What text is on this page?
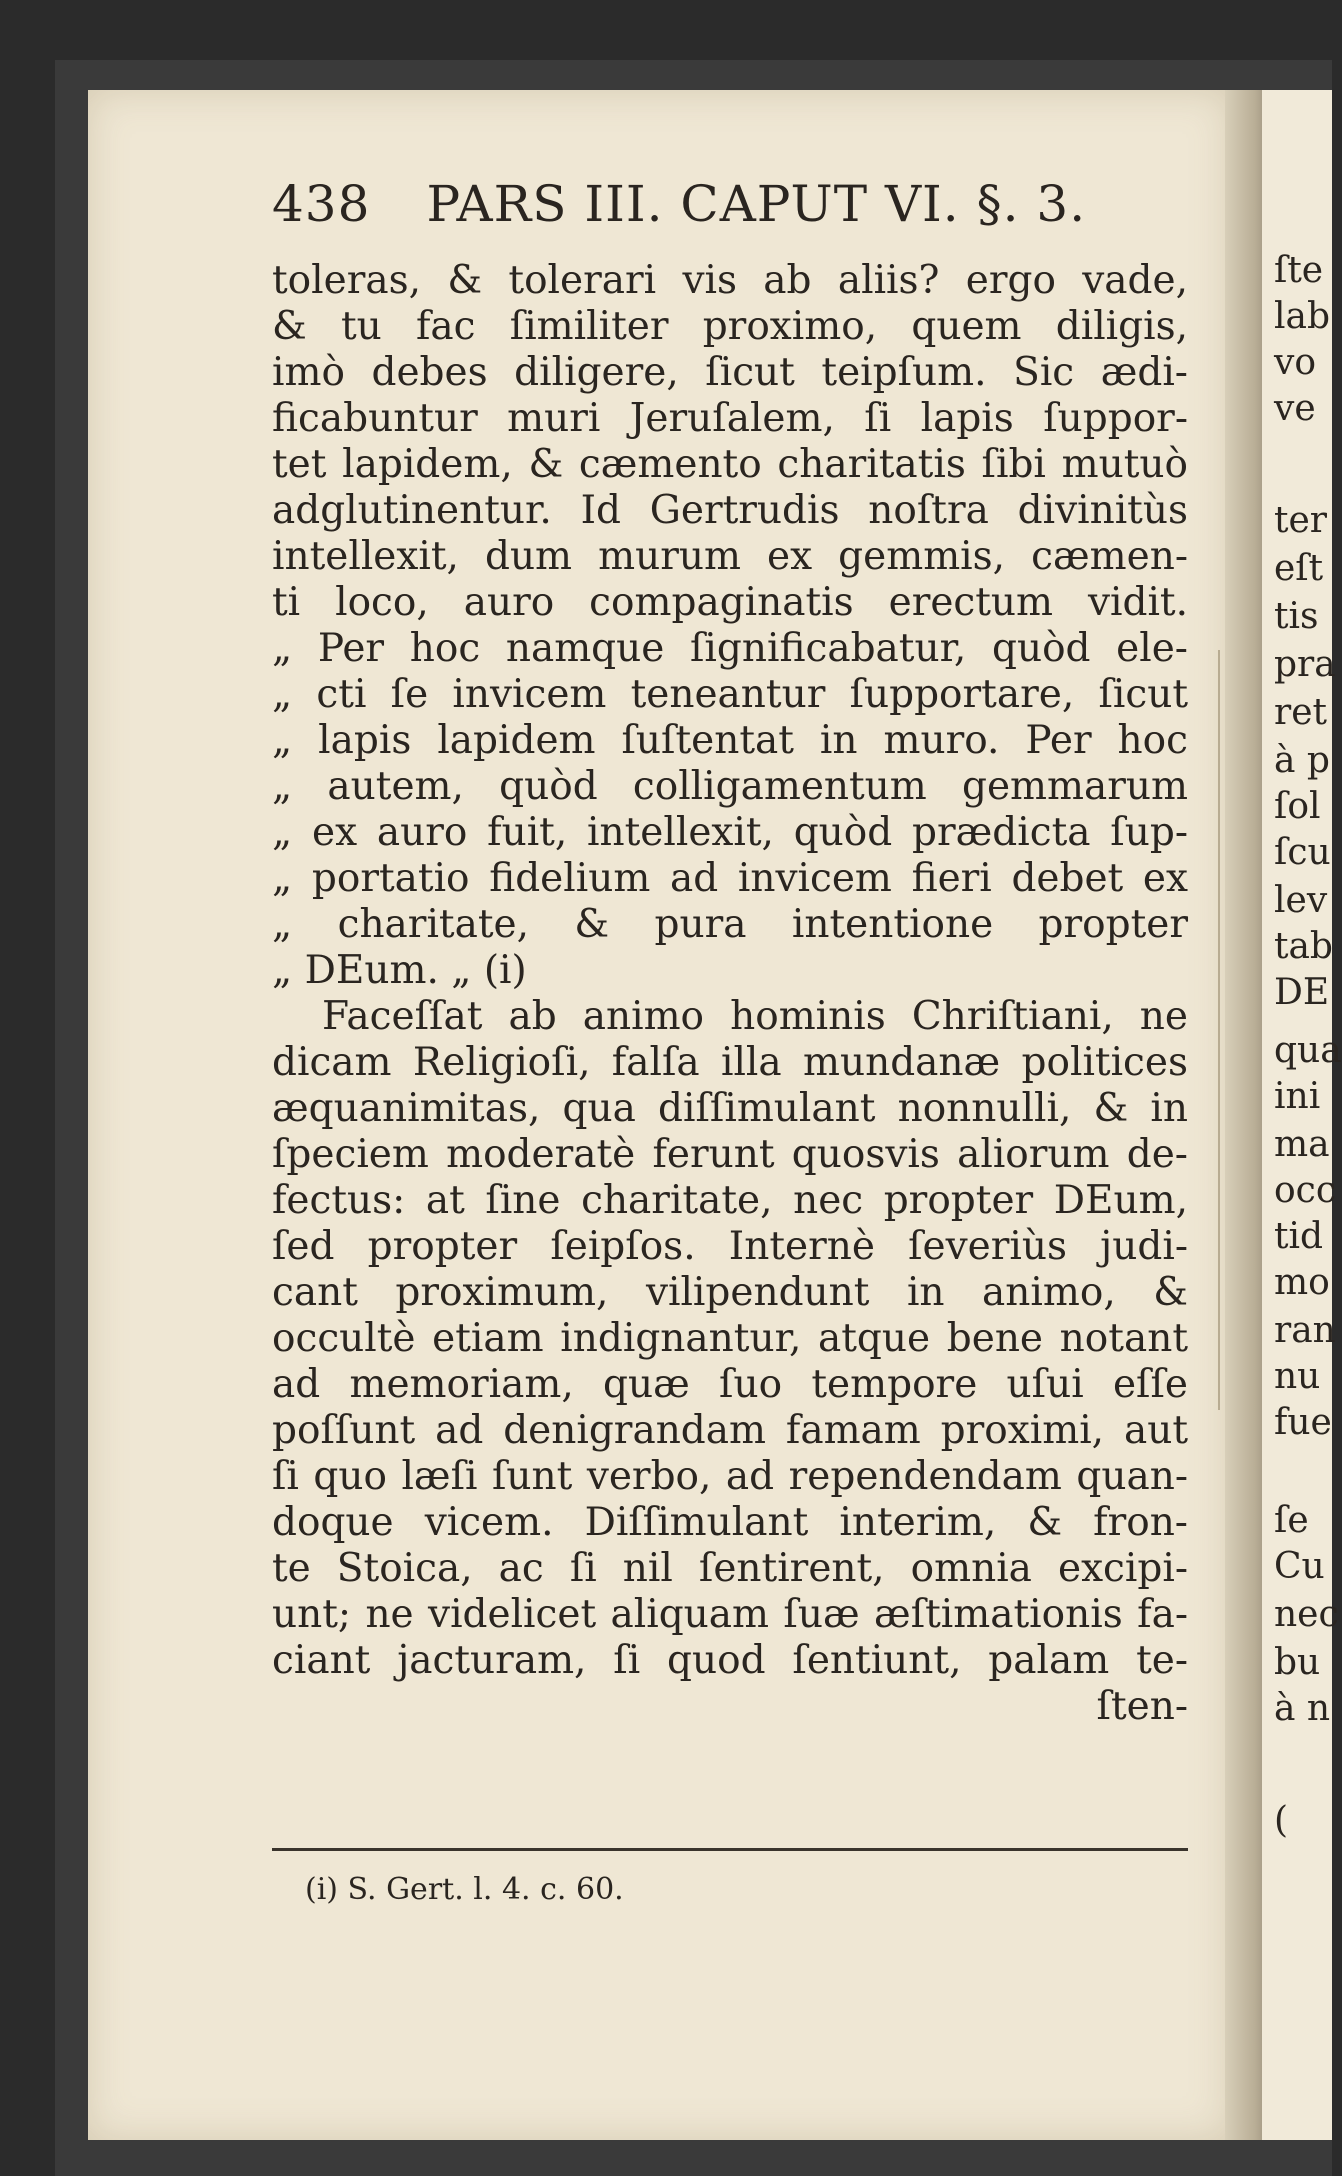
ſte
lab
vo
ve
ter
eſt
tis
pra
ret
à p
ſol
ſcu
lev
tab
DE
qua
ini
ma
occ
tid
mo
ran
nu
fue
ſe
Cu
nec
bu
à n
(
438 PARS III. CAPUT VI. §. 3.
toleras, & tolerari vis ab aliis? ergo vade,
& tu fac ſimiliter proximo, quem diligis,
imò debes diligere, ſicut teipſum. Sic ædi-
ficabuntur muri Jeruſalem, ſi lapis ſuppor-
tet lapidem, & cæmento charitatis ſibi mutuò
adglutinentur. Id Gertrudis noſtra divinitùs
intellexit, dum murum ex gemmis, cæmen-
ti loco, auro compaginatis erectum vidit.
„ Per hoc namque ſignificabatur, quòd ele-
„ cti ſe invicem teneantur ſupportare, ſicut
„ lapis lapidem ſuſtentat in muro. Per hoc
„ autem, quòd colligamentum gemmarum
„ ex auro fuit, intellexit, quòd prædicta ſup-
„ portatio fidelium ad invicem fieri debet ex
„ charitate, & pura intentione propter
„ DEum. „ (i)
Faceſſat ab animo hominis Chriſtiani, ne
dicam Religioſi, falſa illa mundanæ politices
æquanimitas, qua diſſimulant nonnulli, & in
ſpeciem moderatè ferunt quosvis aliorum de-
fectus: at ſine charitate, nec propter DEum,
ſed propter ſeipſos. Internè ſeveriùs judi-
cant proximum, vilipendunt in animo, &
occultè etiam indignantur, atque bene notant
ad memoriam, quæ ſuo tempore uſui eſſe
poſſunt ad denigrandam famam proximi, aut
ſi quo læſi ſunt verbo, ad rependendam quan-
doque vicem. Diſſimulant interim, & fron-
te Stoica, ac ſi nil ſentirent, omnia excipi-
unt; ne videlicet aliquam ſuæ æſtimationis fa-
ciant jacturam, ſi quod ſentiunt, palam te-
ſten-
(i) S. Gert. l. 4. c. 60.
